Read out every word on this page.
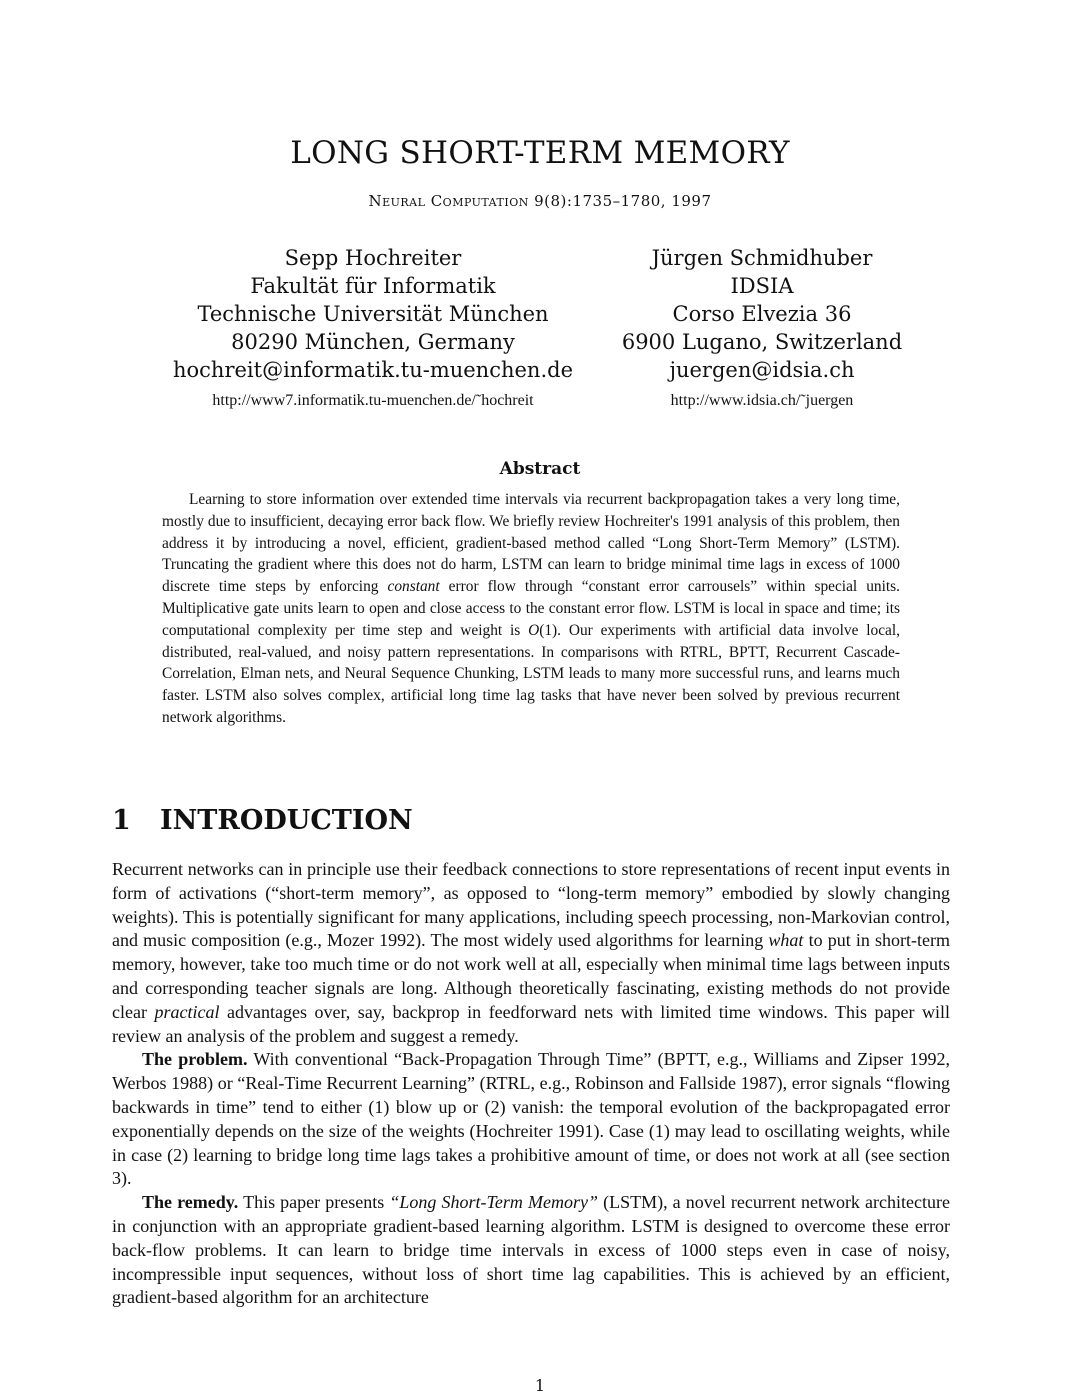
LONG SHORT-TERM MEMORY
Neural Computation 9(8):1735–1780, 1997
Sepp Hochreiter
Fakultät für Informatik
Technische Universität München
80290 München, Germany
hochreit@informatik.tu-muenchen.de
http://www7.informatik.tu-muenchen.de/˜hochreit
Jürgen Schmidhuber
IDSIA
Corso Elvezia 36
6900 Lugano, Switzerland
juergen@idsia.ch
http://www.idsia.ch/˜juergen
Abstract

Learning to store information over extended time intervals via recurrent backpropagation takes a very long time, mostly due to insufficient, decaying error back flow. We briefly review Hochreiter's 1991 analysis of this problem, then address it by introducing a novel, efficient, gradient-based method called “Long Short-Term Memory” (LSTM). Truncating the gradient where this does not do harm, LSTM can learn to bridge minimal time lags in excess of 1000 discrete time steps by enforcing constant error flow through “constant error carrousels” within special units. Multiplicative gate units learn to open and close access to the constant error flow. LSTM is local in space and time; its computational complexity per time step and weight is O(1). Our experiments with artificial data involve local, distributed, real-valued, and noisy pattern representations. In comparisons with RTRL, BPTT, Recurrent Cascade-Correlation, Elman nets, and Neural Sequence Chunking, LSTM leads to many more successful runs, and learns much faster. LSTM also solves complex, artificial long time lag tasks that have never been solved by previous recurrent network algorithms.

1 INTRODUCTION

Recurrent networks can in principle use their feedback connections to store representations of recent input events in form of activations (“short-term memory”, as opposed to “long-term memory” embodied by slowly changing weights). This is potentially significant for many applications, including speech processing, non-Markovian control, and music composition (e.g., Mozer 1992). The most widely used algorithms for learning what to put in short-term memory, however, take too much time or do not work well at all, especially when minimal time lags between inputs and corresponding teacher signals are long. Although theoretically fascinating, existing methods do not provide clear practical advantages over, say, backprop in feedforward nets with limited time windows. This paper will review an analysis of the problem and suggest a remedy.

The problem. With conventional “Back-Propagation Through Time” (BPTT, e.g., Williams and Zipser 1992, Werbos 1988) or “Real-Time Recurrent Learning” (RTRL, e.g., Robinson and Fallside 1987), error signals “flowing backwards in time” tend to either (1) blow up or (2) vanish: the temporal evolution of the backpropagated error exponentially depends on the size of the weights (Hochreiter 1991). Case (1) may lead to oscillating weights, while in case (2) learning to bridge long time lags takes a prohibitive amount of time, or does not work at all (see section 3).

The remedy. This paper presents “Long Short-Term Memory” (LSTM), a novel recurrent network architecture in conjunction with an appropriate gradient-based learning algorithm. LSTM is designed to overcome these error back-flow problems. It can learn to bridge time intervals in excess of 1000 steps even in case of noisy, incompressible input sequences, without loss of short time lag capabilities. This is achieved by an efficient, gradient-based algorithm for an architecture

1
